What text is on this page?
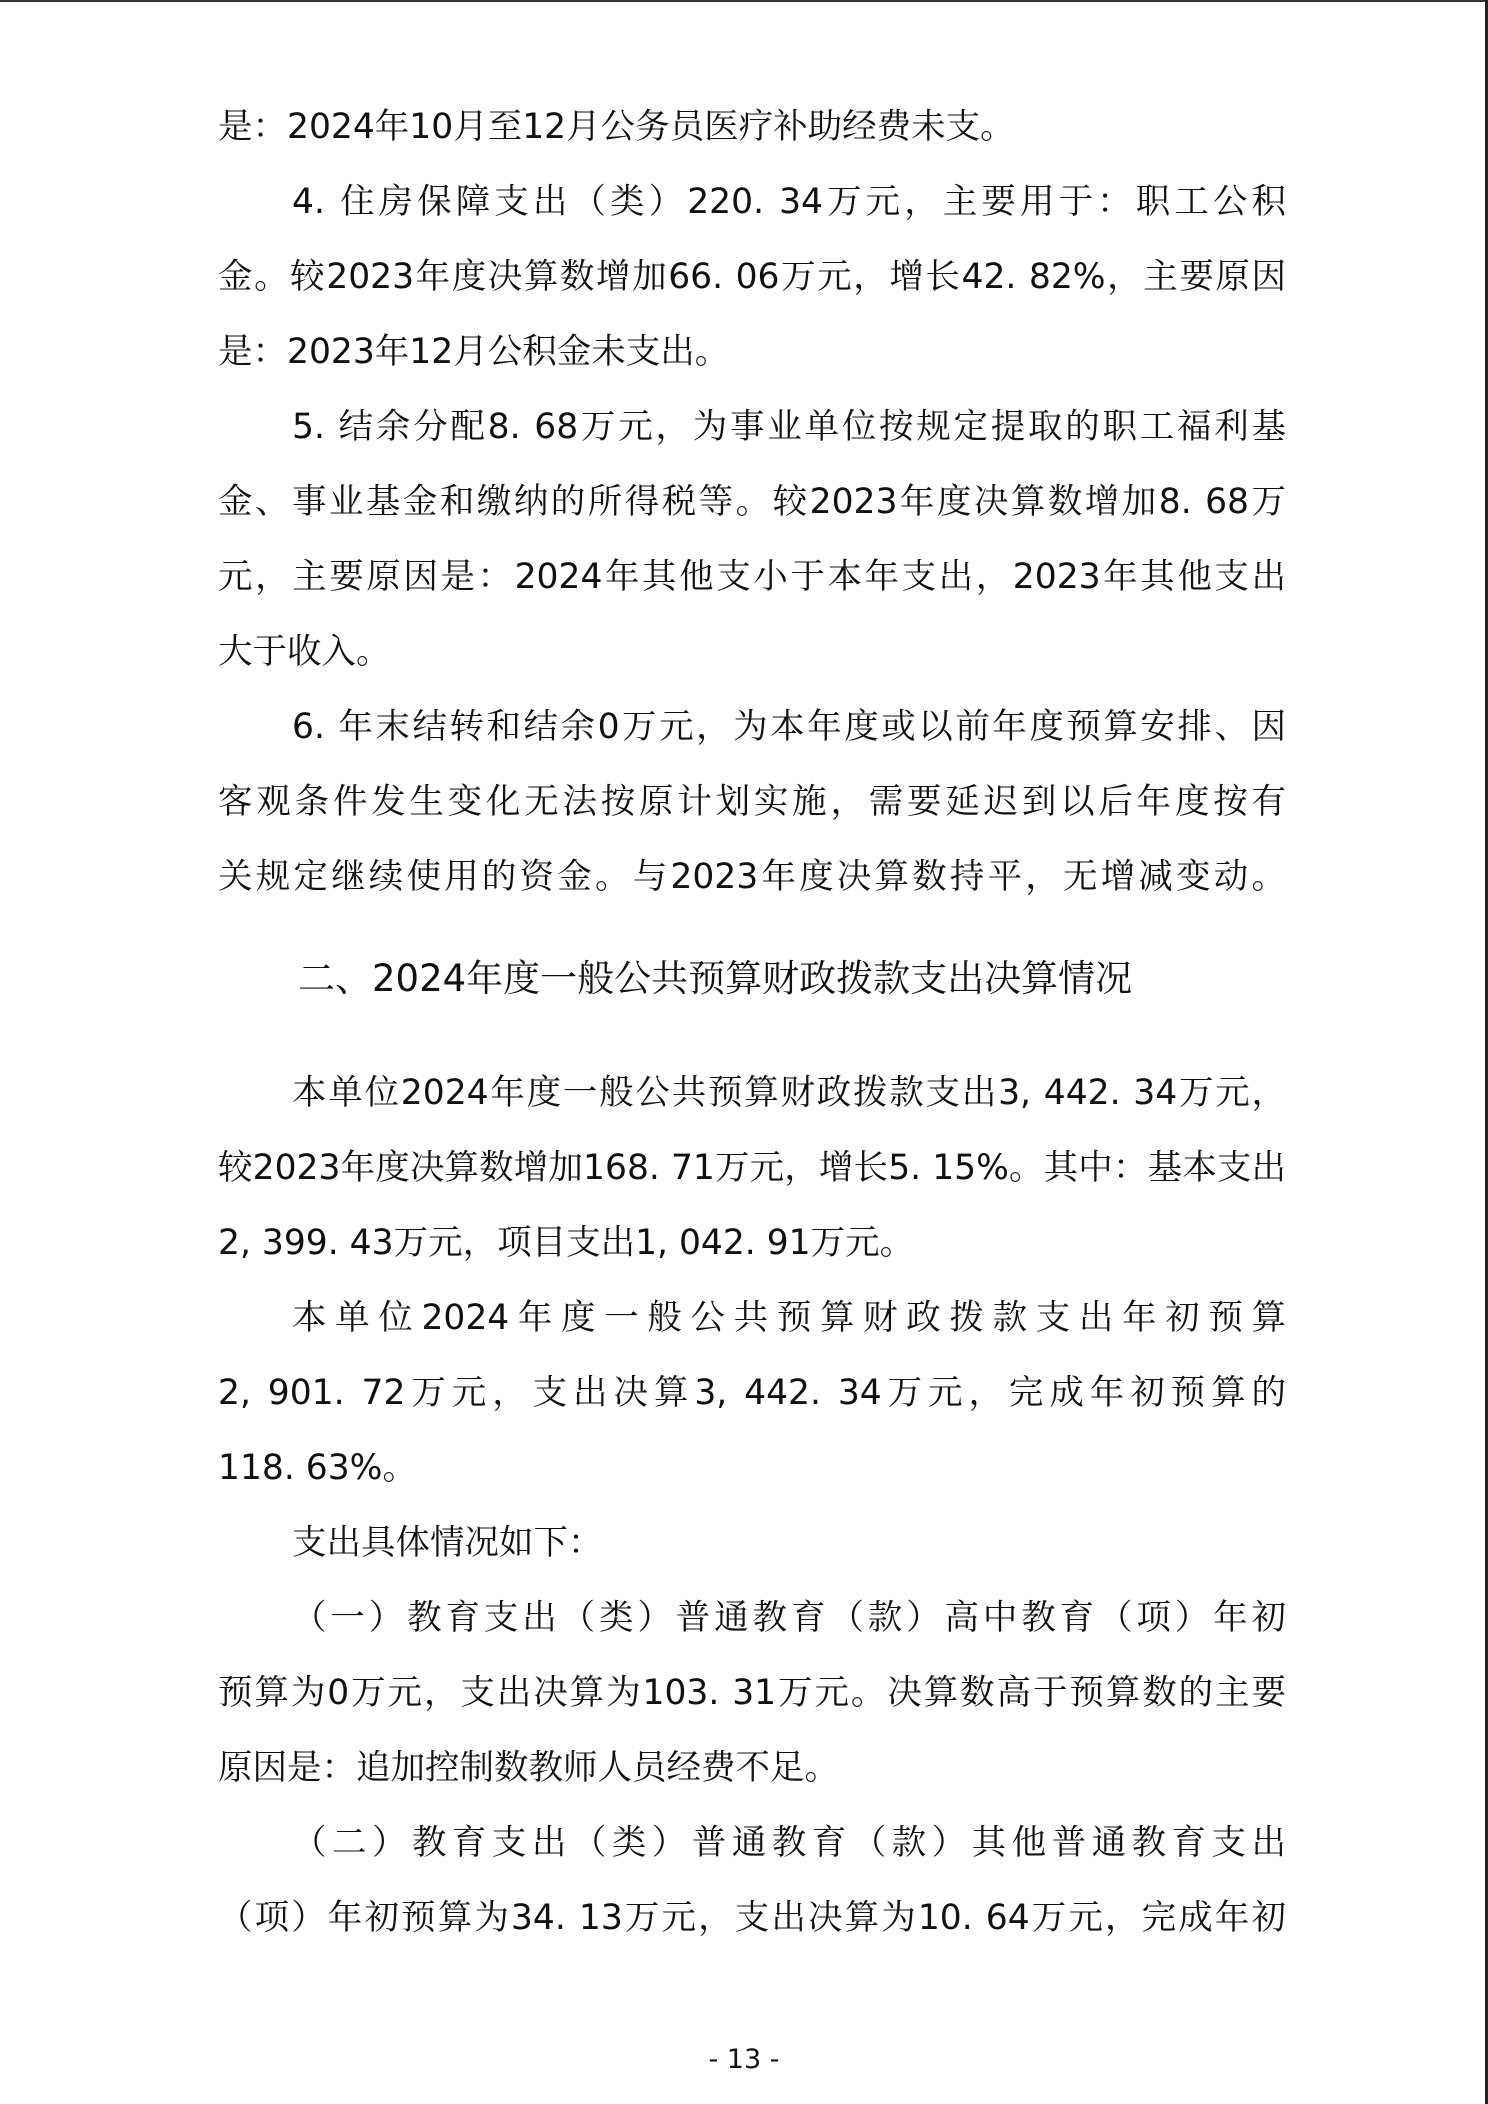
是：2024年10月至12月公务员医疗补助经费未支。
4. 住房保障支出（类）220. 34万元，主要用于：职工公积
金。较2023年度决算数增加66. 06万元，增长42. 82%，主要原因
是：2023年12月公积金未支出。
5. 结余分配8. 68万元，为事业单位按规定提取的职工福利基
金、事业基金和缴纳的所得税等。较2023年度决算数增加8. 68万
元，主要原因是：2024年其他支小于本年支出，2023年其他支出
大于收入。
6. 年末结转和结余0万元，为本年度或以前年度预算安排、因
客观条件发生变化无法按原计划实施，需要延迟到以后年度按有
关规定继续使用的资金。与2023年度决算数持平，无增减变动。
二、2024年度一般公共预算财政拨款支出决算情况
本单位2024年度一般公共预算财政拨款支出3, 442. 34万元，
较2023年度决算数增加168. 71万元，增长5. 15%。其中：基本支出
2, 399. 43万元，项目支出1, 042. 91万元。
本单位2024年度一般公共预算财政拨款支出年初预算
2, 901. 72万元，支出决算3, 442. 34万元，完成年初预算的
118. 63%。
支出具体情况如下：
（一）教育支出（类）普通教育（款）高中教育（项）年初
预算为0万元，支出决算为103. 31万元。决算数高于预算数的主要
原因是：追加控制数教师人员经费不足。
（二）教育支出（类）普通教育（款）其他普通教育支出
（项）年初预算为34. 13万元，支出决算为10. 64万元，完成年初
- 13 -
